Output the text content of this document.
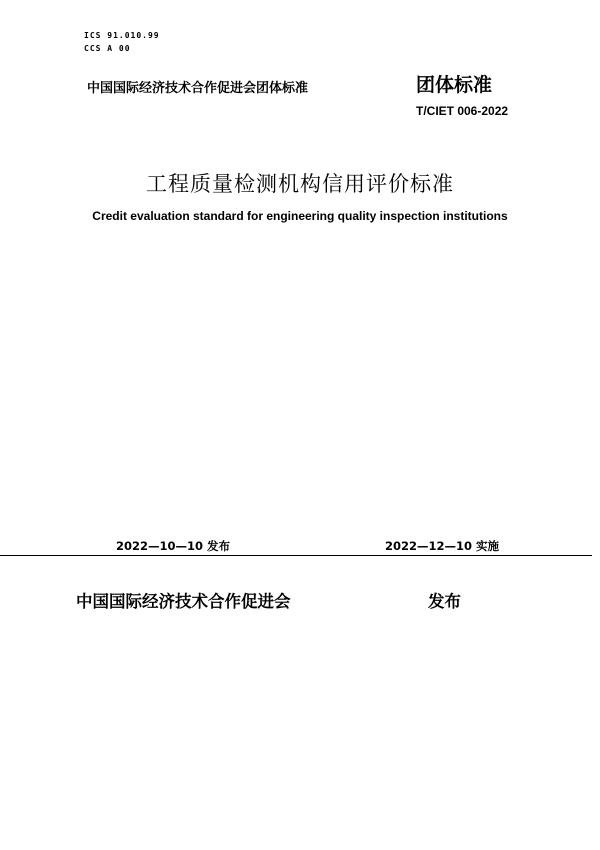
ICS 91.010.99
CCS A 00
中国国际经济技术合作促进会团体标准	团体标准
T/CIET 006-2022
工程质量检测机构信用评价标准
Credit evaluation standard for engineering quality inspection institutions
2022—10—10 发布	2022—12—10 实施
中国国际经济技术合作促进会	发布
